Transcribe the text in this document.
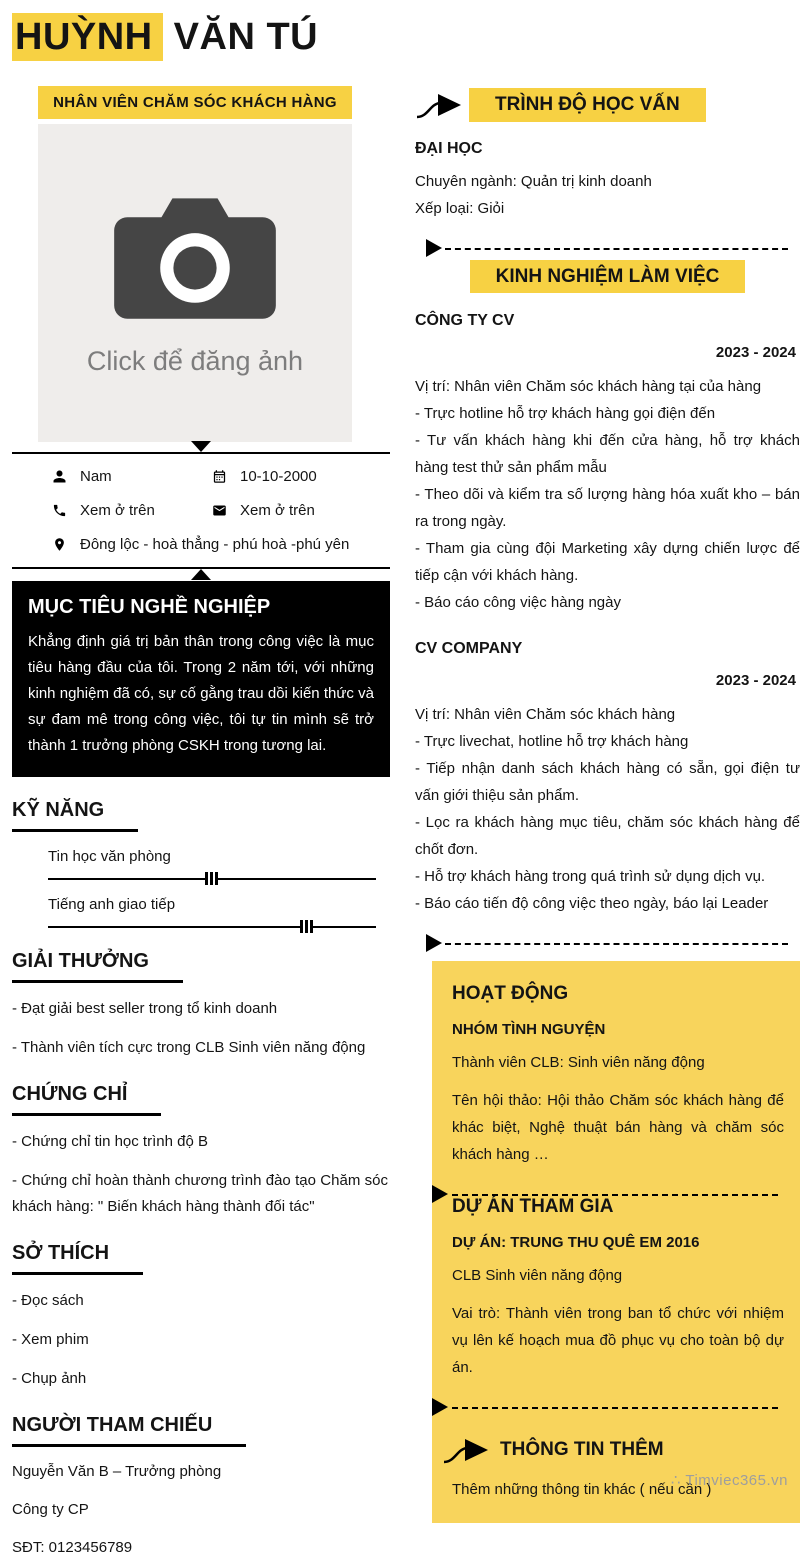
HUỲNH VĂN TÚ
NHÂN VIÊN CHĂM SÓC KHÁCH HÀNG
Click để đăng ảnh
Nam	10-10-2000
Xem ở trên	Xem ở trên
Đông lộc - hoà thẳng - phú hoà -phú yên
MỤC TIÊU NGHỀ NGHIỆP

Khẳng định giá trị bản thân trong công việc là mục tiêu hàng đầu của tôi. Trong 2 năm tới, với những kinh nghiệm đã có, sự cố gằng trau dồi kiến thức và sự đam mê trong công việc, tôi tự tin mình sẽ trở thành 1 trưởng phòng CSKH trong tương lai.

KỸ NĂNG
Tin học văn phòng
Tiếng anh giao tiếp
GIẢI THƯỞNG

- Đạt giải best seller trong tổ kinh doanh

- Thành viên tích cực trong CLB Sinh viên năng động

CHỨNG CHỈ

- Chứng chỉ tin học trình độ B

- Chứng chỉ hoàn thành chương trình đào tạo Chăm sóc khách hàng: " Biến khách hàng thành đối tác"

SỞ THÍCH

- Đọc sách

- Xem phim

- Chụp ảnh

NGƯỜI THAM CHIẾU

Nguyễn Văn B – Trưởng phòng

Công ty CP

SĐT: 0123456789

TRÌNH ĐỘ HỌC VẤN
ĐẠI HỌC

Chuyên ngành: Quản trị kinh doanh

Xếp loại: Giỏi

KINH NGHIỆM LÀM VIỆC
CÔNG TY CV
2023 - 2024

Vị trí: Nhân viên Chăm sóc khách hàng tại của hàng

- Trực hotline hỗ trợ khách hàng gọi điện đến

- Tư vấn khách hàng khi đến cửa hàng, hỗ trợ khách hàng test thử sản phẩm mẫu

- Theo dõi và kiểm tra số lượng hàng hóa xuất kho – bán ra trong ngày.

- Tham gia cùng đội Marketing xây dựng chiến lược để tiếp cận với khách hàng.

- Báo cáo công việc hàng ngày

CV COMPANY
2023 - 2024

Vị trí: Nhân viên Chăm sóc khách hàng

- Trực livechat, hotline hỗ trợ khách hàng

- Tiếp nhận danh sách khách hàng có sẵn, gọi điện tư vấn giới thiệu sản phẩm.

- Lọc ra khách hàng mục tiêu, chăm sóc khách hàng để chốt đơn.

- Hỗ trợ khách hàng trong quá trình sử dụng dịch vụ.

- Báo cáo tiến độ công việc theo ngày, báo lại Leader

HOẠT ĐỘNG
NHÓM TÌNH NGUYỆN

Thành viên CLB: Sinh viên năng động

Tên hội thảo: Hội thảo Chăm sóc khách hàng để khác biệt, Nghệ thuật bán hàng và chăm sóc khách hàng …

DỰ ÁN THAM GIA
DỰ ÁN: TRUNG THU QUÊ EM 2016

CLB Sinh viên năng động

Vai trò: Thành viên trong ban tổ chức với nhiệm vụ lên kế hoạch mua đồ phục vụ cho toàn bộ dự án.

THÔNG TIN THÊM

Thêm những thông tin khác ( nếu cần )

∴ Timviec365.vn
